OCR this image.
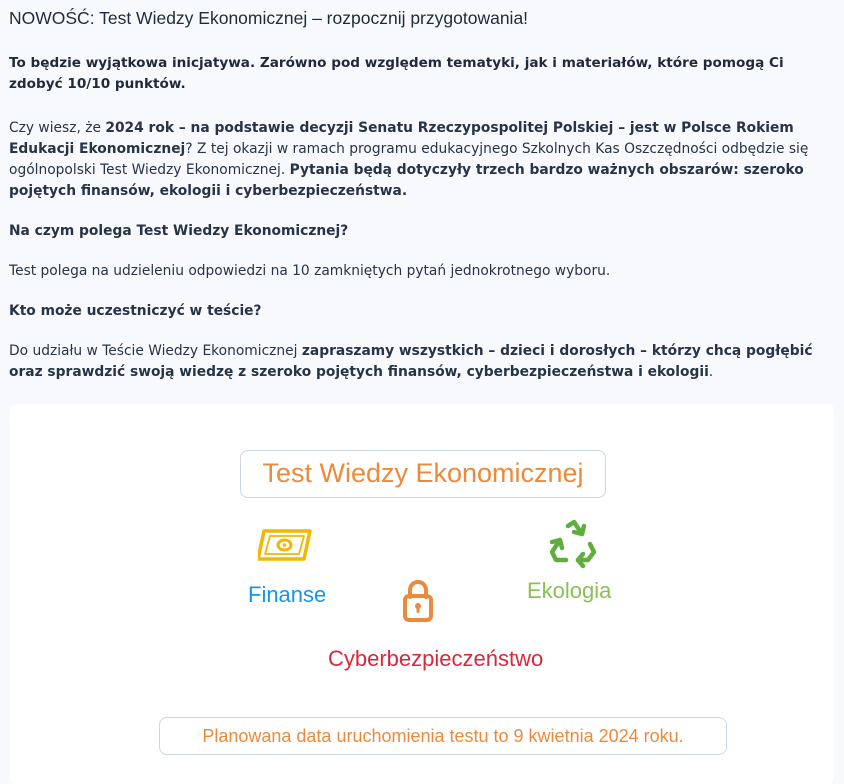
NOWOŚĆ: Test Wiedzy Ekonomicznej – rozpocznij przygotowania!

To będzie wyjątkowa inicjatywa. Zarówno pod względem tematyki, jak i materiałów, które pomogą Ci zdobyć 10/10 punktów.

Czy wiesz, że 2024 rok – na podstawie decyzji Senatu Rzeczypospolitej Polskiej – jest w Polsce Rokiem Edukacji Ekonomicznej? Z tej okazji w ramach programu edukacyjnego Szkolnych Kas Oszczędności odbędzie się ogólnopolski Test Wiedzy Ekonomicznej. Pytania będą dotyczyły trzech bardzo ważnych obszarów: szeroko pojętych finansów, ekologii i cyberbezpieczeństwa.

Na czym polega Test Wiedzy Ekonomicznej?

Test polega na udzieleniu odpowiedzi na 10 zamkniętych pytań jednokrotnego wyboru.

Kto może uczestniczyć w teście?

Do udziału w Teście Wiedzy Ekonomicznej zapraszamy wszystkich – dzieci i dorosłych – którzy chcą pogłębić oraz sprawdzić swoją wiedzę z szeroko pojętych finansów, cyberbezpieczeństwa i ekologii.

Test Wiedzy Ekonomicznej
Finanse	Ekologia
Cyberbezpieczeństwo
Planowana data uruchomienia testu to 9 kwietnia 2024 roku.
